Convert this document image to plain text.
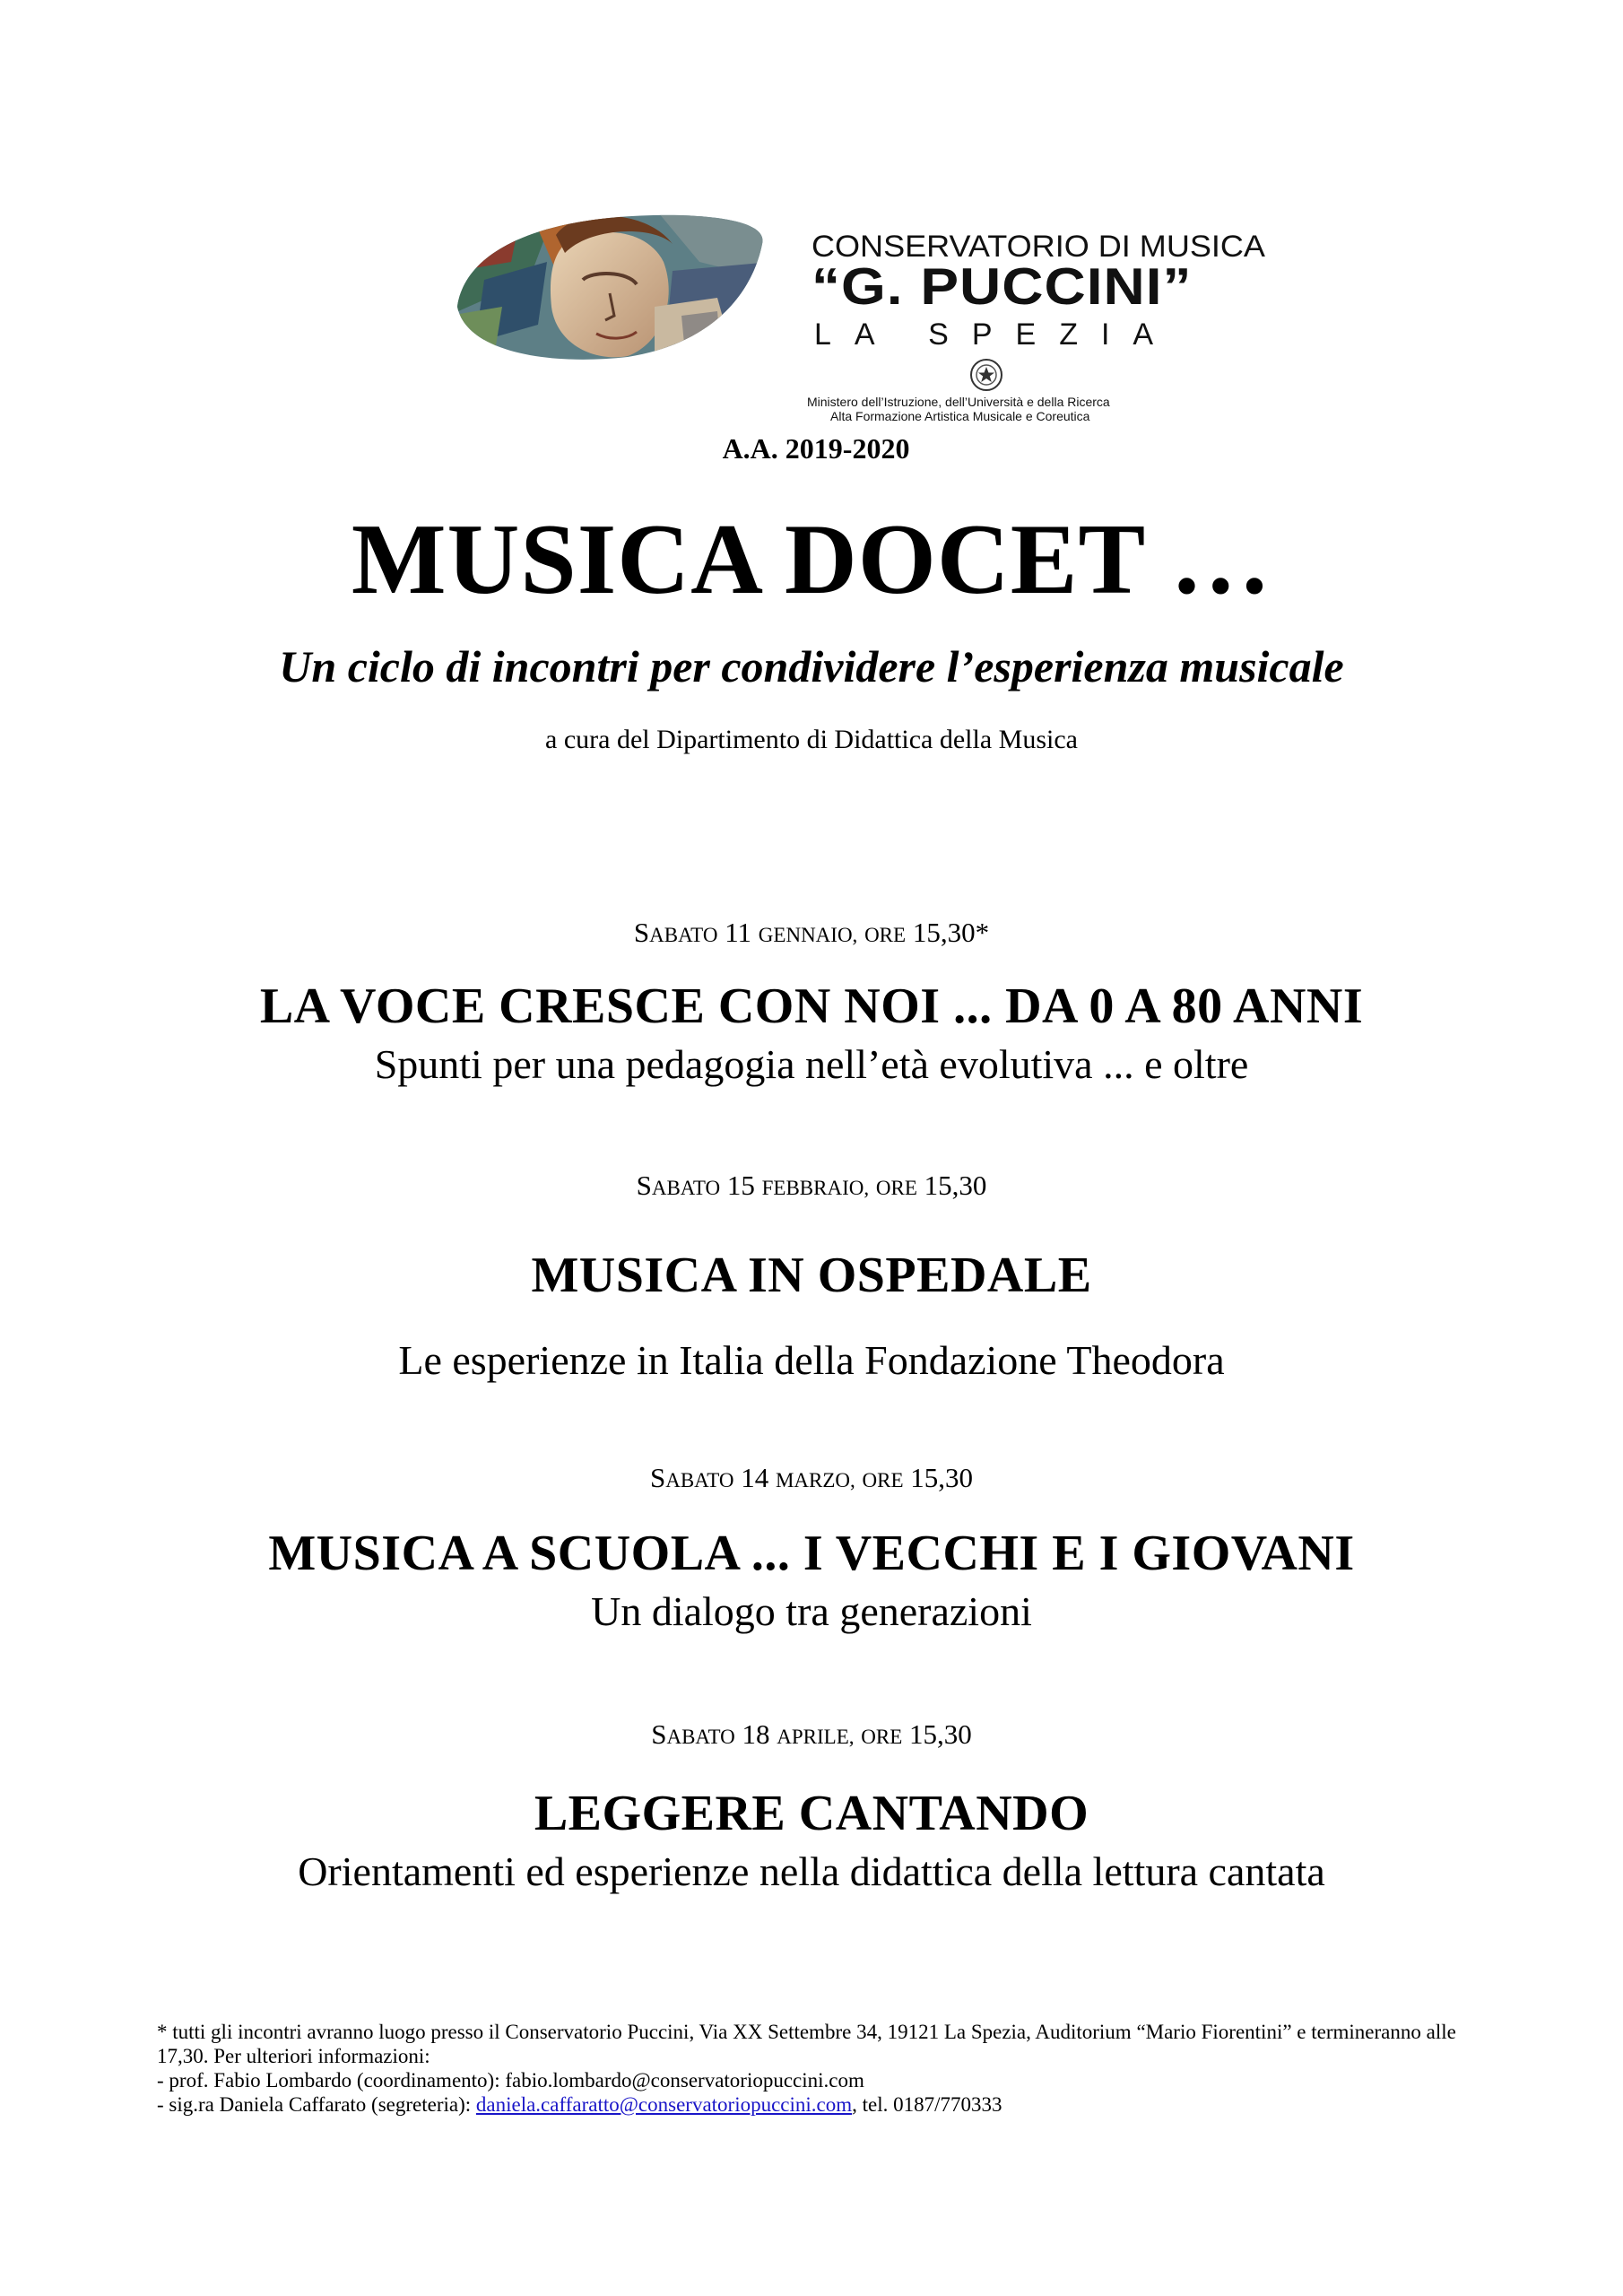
CONSERVATORIO DI MUSICA
“G. PUCCINI”
LA SPEZIA
Ministero dell’Istruzione, dell’Università e della Ricerca
Alta Formazione Artistica Musicale e Coreutica
A.A. 2019-2020
MUSICA DOCET …
Un ciclo di incontri per condividere l’esperienza musicale
a cura del Dipartimento di Didattica della Musica
SABATO 11 GENNAIO, ORE 15,30*
LA VOCE CRESCE CON NOI ... DA 0 A 80 ANNI
Spunti per una pedagogia nell’età evolutiva ... e oltre
SABATO 15 FEBBRAIO, ORE 15,30
MUSICA IN OSPEDALE
Le esperienze in Italia della Fondazione Theodora
SABATO 14 MARZO, ORE 15,30
MUSICA A SCUOLA ... I VECCHI E I GIOVANI
Un dialogo tra generazioni
SABATO 18 APRILE, ORE 15,30
LEGGERE CANTANDO
Orientamenti ed esperienze nella didattica della lettura cantata

* tutti gli incontri avranno luogo presso il Conservatorio Puccini, Via XX Settembre 34, 19121 La Spezia, Auditorium “Mario Fiorentini” e termineranno alle 17,30. Per ulteriori informazioni:

- prof. Fabio Lombardo (coordinamento): fabio.lombardo@conservatoriopuccini.com

- sig.ra Daniela Caffarato (segreteria): daniela.caffaratto@conservatoriopuccini.com, tel. 0187/770333
